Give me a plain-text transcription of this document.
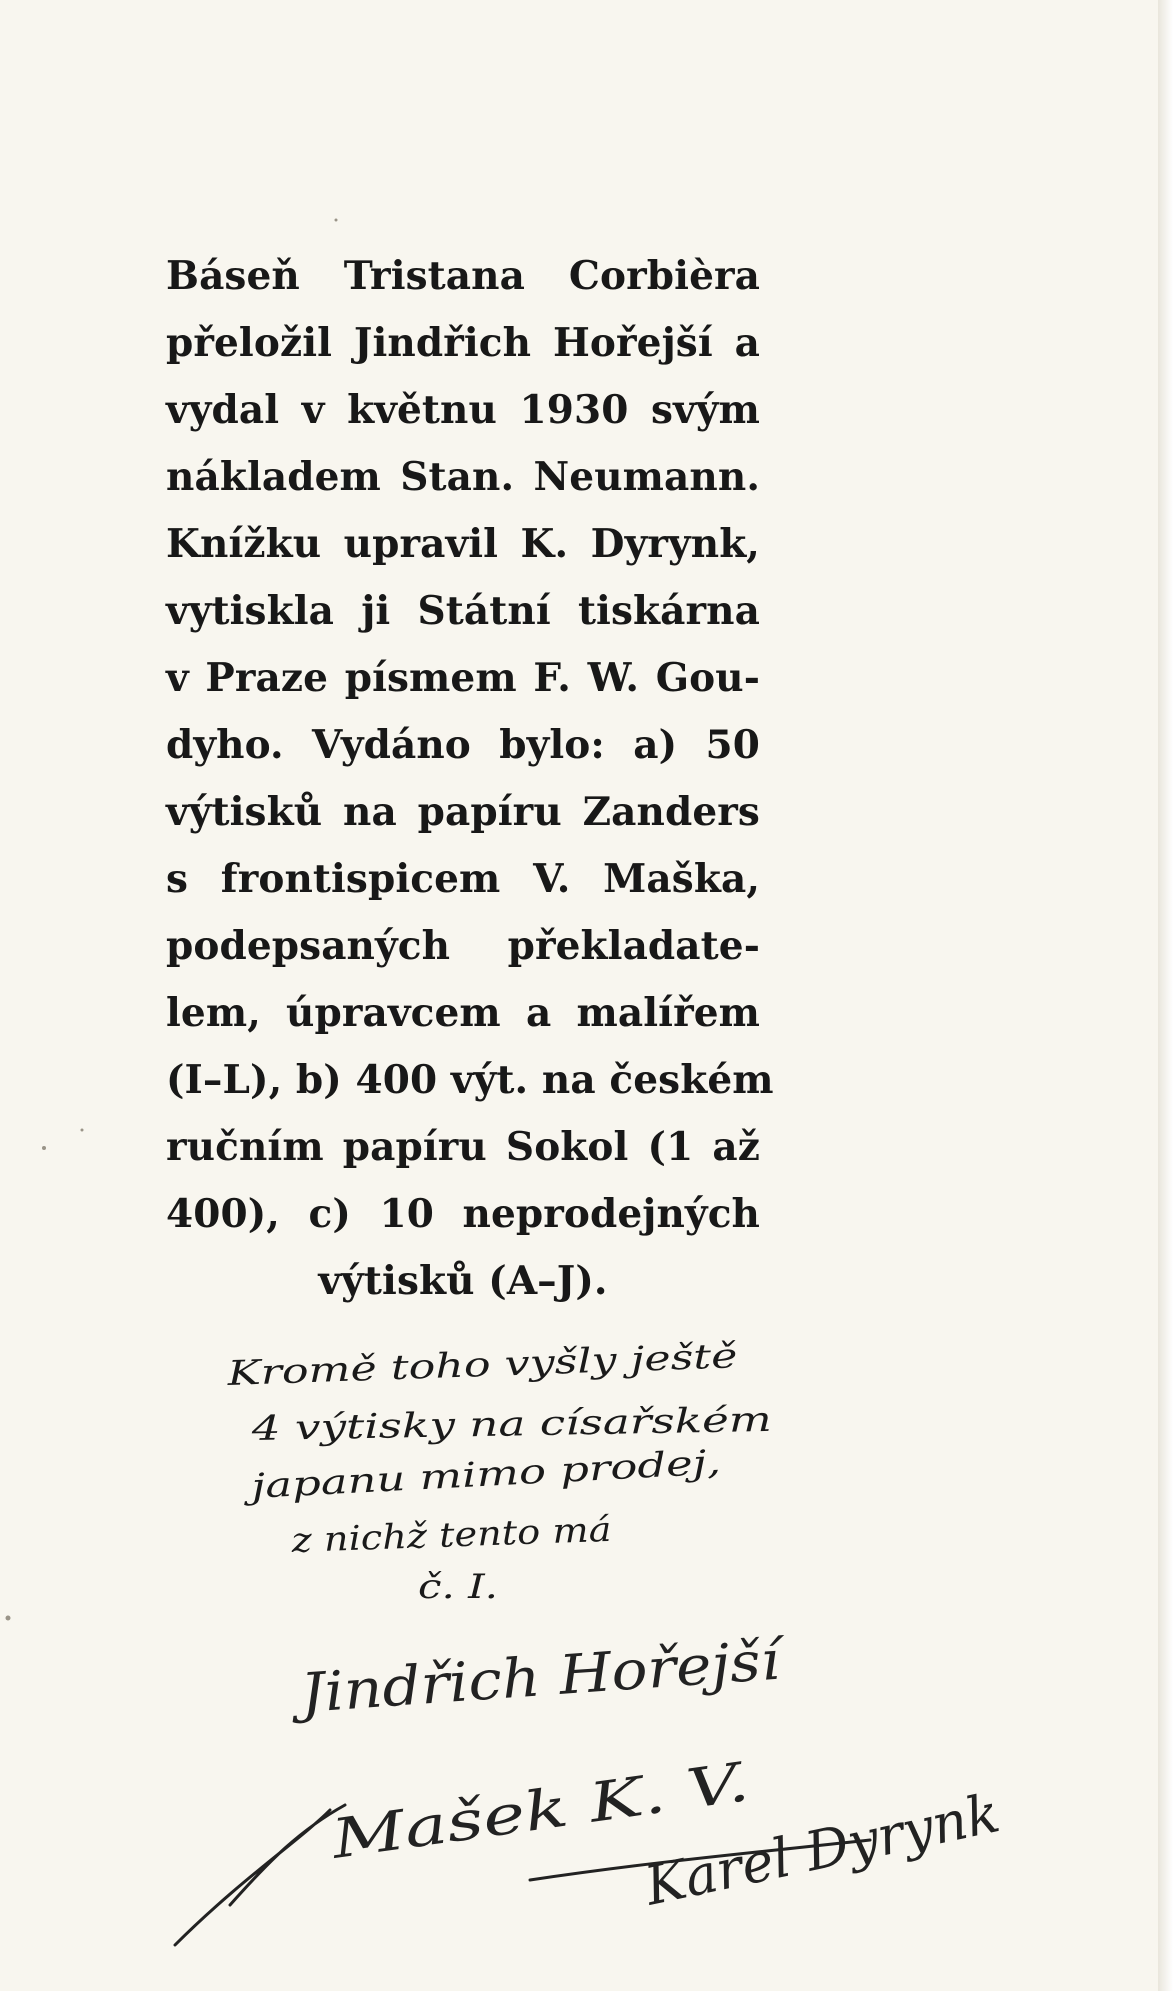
Báseň Tristana Corbièra
přeložil Jindřich Hořejší a
vydal v květnu 1930 svým
nákladem Stan. Neumann.
Knížku upravil K. Dyrynk,
vytiskla ji Státní tiskárna
v Praze písmem F. W. Gou-
dyho. Vydáno bylo: a) 50
výtisků na papíru Zanders
s frontispicem V. Maška,
podepsaných překladate-
lem, úpravcem a malířem
(I–L), b) 400 výt. na českém
ručním papíru Sokol (1 až
400), c) 10 neprodejných
výtisků (A–J).
Kromě toho vyšly ještě
4 výtisky na císařském
japanu mimo prodej,
z nichž tento má
č. I.
Jindřich Hořejší
Mašek K. V.
Karel Dyrynk
